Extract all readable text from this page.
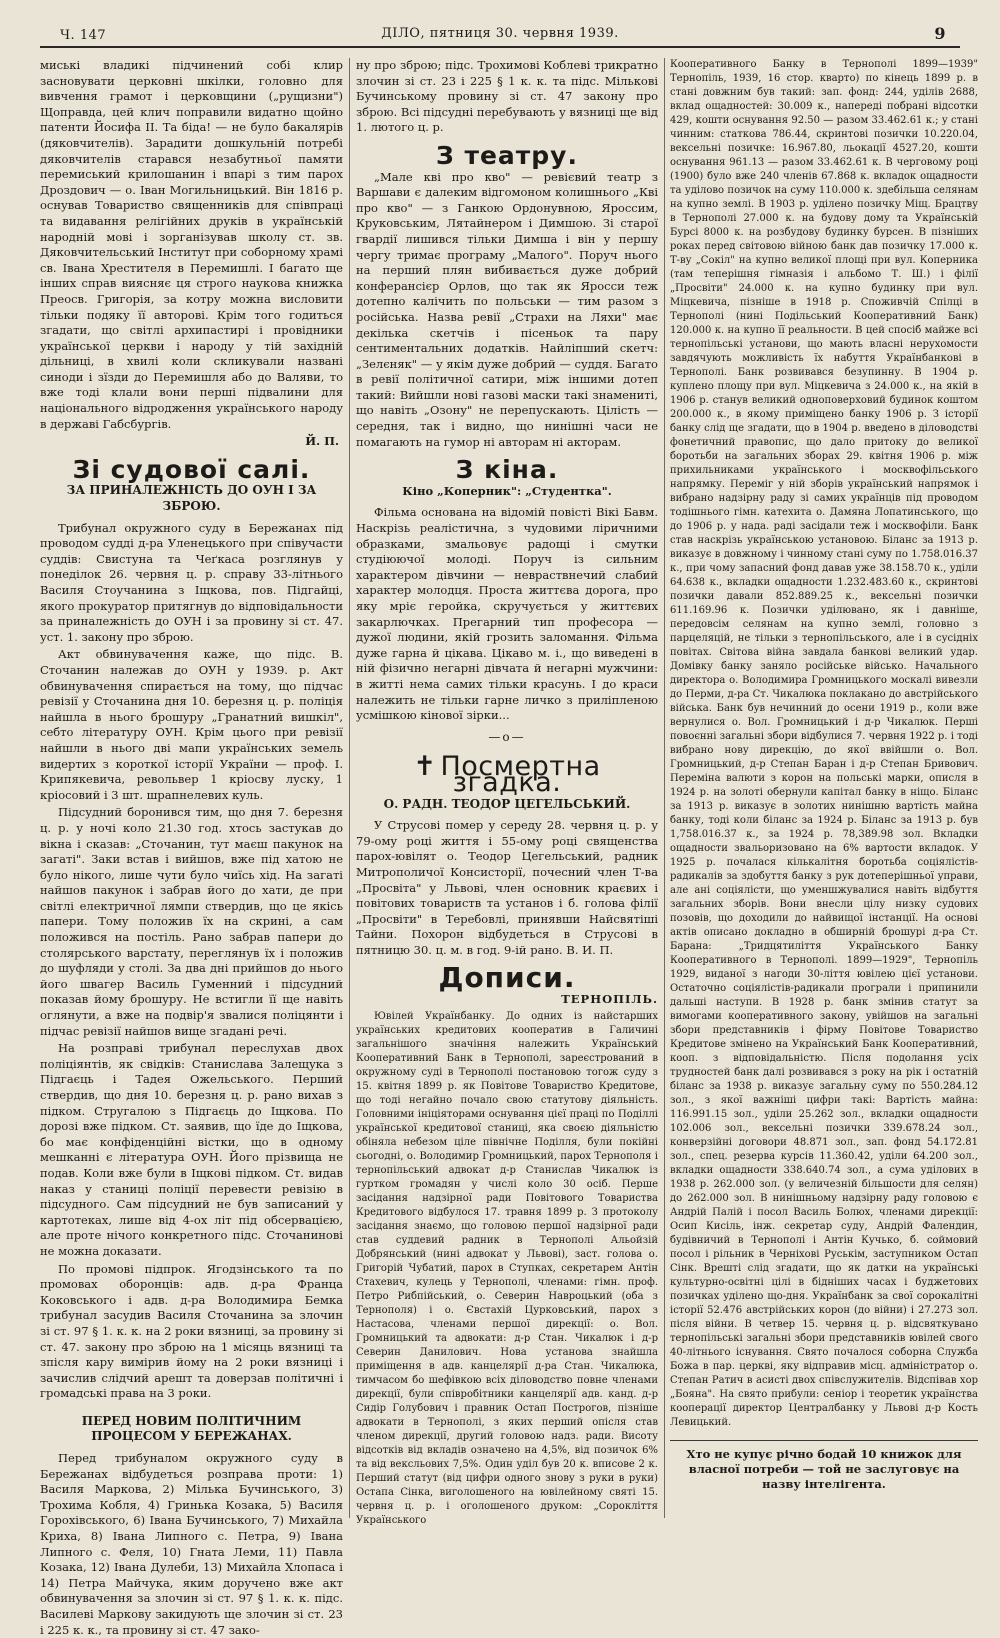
Ч. 147	ДІЛО, пятниця 30. червня 1939.	9

миські владикі підчинений собі клир засновувати церковні шкілки, головно для вивчення грамот і церковщини („рущизни") Щоправда, цей клич поправили видатно щойно патенти Йосифа II. Та біда! — не було бакалярів (дяковчителів). Зарадити дошкульній потребі дяковчителів старався незабутньої памяти перемиський крилошанин і впарі з тим парох Дроздович — о. Іван Могильницький. Він 1816 р. оснував Товариство священників для співпраці та видавання релігійних друків в українській народній мові і зорганізував школу ст. зв. Дяковчительський Інститут при соборному храмі св. Івана Хрестителя в Перемишлі. І багато ще інших справ виясняє ця строго наукова книжка Преосв. Григорія, за котру можна висловити тільки подяку її авторові. Крім того годиться згадати, що світлі архипастирі і провідники української церкви і народу у тій західній дільниці, в хвилі коли скликували названі синоди і зїзди до Перемишля або до Валяви, то вже тоді клали вони перші підвалини для національного відродження українського народу в державі Габсбургів.

Й. П.
Зі судової салі.
ЗА ПРИНАЛЕЖНІСТЬ ДО ОУН І ЗА ЗБРОЮ.

Трибунал окружного суду в Бережанах під проводом судді д-ра Уленецького при співучасти суддів: Свистуна та Чеґкаса розглянув у понеділок 26. червня ц. р. справу 33-літнього Василя Стоучанина з Іщкова, пов. Підгайці, якого прокуратор притягнув до відповідальности за приналежність до ОУН і за провину зі ст. 47. уст. 1. закону про зброю.

Акт обвинувачення каже, що підс. В. Сточанин належав до ОУН у 1939. р. Акт обвинувачення спирається на тому, що підчас ревізії у Сточанина дня 10. березня ц. р. поліція найшла в нього брошуру „Гранатний вишкіл", себто літературу ОУН. Крім цього при ревізії найшли в нього дві мапи українських земель видертих з короткої історії України — проф. І. Крипякевича, револьвер 1 кріосву луску, 1 кріосовий і 3 шт. шрапнелевих куль.

Підсудний боронився тим, що дня 7. березня ц. р. у ночі коло 21.30 год. хтось застукав до вікна і сказав: „Сточанин, тут маєш пакунок на загаті". Заки встав і вийшов, вже під хатою не було нікого, лише чути було чиїсь хід. На загаті найшов пакунок і забрав його до хати, де при світлі електричної лямпи ствердив, що це якісь папери. Тому положив їх на скрині, а сам положився на постіль. Рано забрав папери до столярського варстату, переглянув їх і положив до шуфляди у столі. За два дні прийшов до нього його швагер Василь Гуменний і підсудний показав йому брошуру. Не встигли її ще навіть оглянути, а вже на подвір'я звалися поліцянти і підчас ревізії найшов вище згадані речі.

На розправі трибунал переслухав двох поліціянтів, як свідків: Станислава Залещука з Підгаєць і Тадея Ожельського. Перший ствердив, що дня 10. березня ц. р. рано вихав з підком. Стругалою з Підгаєць до Іщкова. По дорозі вже підком. Ст. заявив, що їде до Іщкова, бо має конфіденційні вістки, що в одному мешканні є література ОУН. Його прізвища не подав. Коли вже були в Іщкові підком. Ст. видав наказ у станиці поліції перевести ревізію в підсудного. Сам підсудний не був записаний у картотеках, лише від 4-ох літ під обсервацією, але проте нічого конкретного підс. Сточанинові не можна доказати.

По промові підпрок. Ягодзінського та по промовах оборонців: адв. д-ра Франца Коковського і адв. д-ра Володимира Бемка трибунал засудив Василя Сточанина за злочин зі ст. 97 § 1. к. к. на 2 роки вязниці, за провину зі ст. 47. закону про зброю на 1 місяць вязниці та зпісля кару вимірив йому на 2 роки вязниці і зачислив слідчий арешт та доверзав політичні і громадські права на 3 роки.

ПЕРЕД НОВИМ ПОЛІТИЧНИМ ПРОЦЕСОМ У БЕРЕЖАНАХ.

Перед трибуналом окружного суду в Бережанах відбудеться розправа проти: 1) Василя Маркова, 2) Мілька Бучинського, 3) Трохима Кобля, 4) Гринька Козака, 5) Василя Горохівського, 6) Івана Бучинського, 7) Михайла Криха, 8) Івана Липного с. Петра, 9) Івана Липного с. Феля, 10) Гната Леми, 11) Павла Козака, 12) Івана Дулеби, 13) Михайла Хлопаса і 14) Петра Майчука, яким доручено вже акт обвинувачення за злочин зі ст. 97 § 1. к. к. підс. Василеві Маркову закидують ще злочин зі ст. 23 і 225 к. к., та провину зі ст. 47 зако-

ну про зброю; підс. Трохимові Коблеві трикратно злочин зі ст. 23 і 225 § 1 к. к. та підс. Мількові Бучинському провину зі ст. 47 закону про зброю. Всі підсудні перебувають у вязниці ще від 1. лютого ц. р.

З театру.

„Мале кві про кво" — ревієвий театр з Варшави є далеким відгомоном колишнього „Кві про кво" — з Ганкою Ордонувною, Яроссим, Круковським, Лятайнером і Димшою. Зі старої гвардії лишився тільки Димша і він у першу чергу тримає програму „Малого". Поруч нього на перший плян вибивається дуже добрий конферансієр Орлов, що так як Яросси теж дотепно калічить по польськи — тим разом з російська. Назва ревії „Страхи на Ляхи" має декілька скетчів і пісеньок та пару сентиментальних додатків. Найліпший скетч: „Зелєняк" — у якім дуже добрий — суддя. Багато в ревії політичної сатири, між іншими дотеп такий: Вийшли нові газові маски такі знамениті, що навіть „Озону" не перепускають. Цілість — середня, так і видно, що нинішні часи не помагають на гумор ні авторам ні акторам.

З кіна.
Кіно „Коперник": „Студентка".

Фільма основана на відомій повісті Вікі Бавм. Наскрізь реалістична, з чудовими ліричними образками, змальовує радощі і смутки студіюючої молоді. Поруч із сильним характером дівчини — невраствнечий слабий характер молодця. Проста життєва дорога, про яку мріє геройка, скручується у життєвих закарлючках. Прегарний тип професора — дужої людини, якій грозить заломання. Фільма дуже гарна й цікава. Цікаво м. і., що виведені в ній фізично негарні дівчата й негарні мужчини: в житті нема самих тільки красунь. І до краси належить не тільки гарне личко з приліпленою усмішкою кінової зірки...

—o—
✝ Посмертна згадка.
О. РАДН. ТЕОДОР ЦЕГЕЛЬСЬКИЙ.

У Струсові помер у середу 28. червня ц. р. у 79-ому році життя і 55-ому році священства парох-ювілят о. Теодор Цегельський, радник Митрополичої Консисторії, почесний член Т-ва „Просвіта" у Львові, член основник краєвих і повітових товариств та установ і б. голова філії „Просвіти" в Теребовлі, принявши Найсвятіші Тайни. Похорон відбудеться в Струсові в пятницю 30. ц. м. в год. 9-ій рано. В. И. П.

Дописи.
ТЕРНОПІЛЬ.

Ювілей Українбанку. До одних із найстарших українських кредитових кооператив в Галичині загальнішого значіння належить Український Кооперативний Банк в Тернополі, зареєстрований в окружному суді в Тернополі постановою тогож суду з 15. квітня 1899 р. як Повітове Товариство Кредитове, що тоді негайно почало свою статутову діяльність. Головними ініціяторами оснування цієї праці по Поділлі української кредитової станиці, яка своєю діяльністю обіняла небезом ціле північне Поділля, були покійні сьогодні, о. Володимир Громницький, парох Тернополя і тернопільський адвокат д-р Станислав Чикалюк із гуртком громадян у числі коло 30 осіб. Перше засідання надзірної ради Повітового Товариства Кредитового відбулося 17. травня 1899 р. З протоколу засідання знаємо, що головою першої надзірної ради став суддевий радник в Тернополі Альойзій Добрянський (нині адвокат у Львові), заст. голова о. Григорій Чубатий, парох в Ступках, секретарем Антін Стахевич, кулець у Тернополі, членами: гімн. проф. Петро Рибпійський, о. Северин Навроцький (оба з Тернополя) і о. Євстахій Цурковський, парох з Настасова, членами першої дирекції: о. Вол. Громницький та адвокати: д-р Стан. Чикалюк і д-р Северин Данилович. Нова установа знайшла приміщення в адв. канцелярії д-ра Стан. Чикалюка, тимчасом бо шефівкою всіх діловодство повне членами дирекції, були співробітники канцелярії адв. канд. д-р Сидір Голубович і правник Остап Построгов, пізніше адвокати в Тернополі, з яких перший опісля став членом дирекції, другий головою надз. ради. Висоту відсотків від вкладів означено на 4,5%, від позичок 6% та від вексльових 7,5%. Один уділ був 20 к. вписове 2 к. Перший статут (від цифри одного знову з руки в руки) Остапа Сінка, виголошеного на ювілейному святі 15. червня ц. р. і оголошеного друком: „Сорокліття Українського

Кооперативного Банку в Тернополі 1899—1939" Тернопіль, 1939, 16 стор. кварто) по кінець 1899 р. в стані довжним був такий: зап. фонд: 244, уділів 2688, вклад ощадностей: 30.009 к., напереді побрані відсотки 429, кошти оснування 92.50 — разом 33.462.61 к.; у стані чинним: статкова 786.44, скринтові позички 10.220.04, вексельні позичке: 16.967.80, льокації 4527.20, кошти оснування 961.13 — разом 33.462.61 к. В черговому році (1900) було вже 240 членів 67.868 к. вкладок ощадности та уділово позичок на суму 110.000 к. здебільша селянам на купно землі. В 1903 р. уділено позичку Міщ. Брацтву в Тернополі 27.000 к. на будову дому та Українській Бурсі 8000 к. на розбудову будинку бурсен. В пізніших роках перед світовою війною банк дав позичку 17.000 к. Т-ву „Сокіл" на купно великої площі при вул. Коперника (там теперішня гімназія і альбомо Т. Ш.) і філії „Просвіти" 24.000 к. на купно будинку при вул. Міцкевича, пізніше в 1918 р. Споживчій Спілці в Тернополі (нині Подільський Кооперативний Банк) 120.000 к. на купно її реальности. В цей спосіб майже всі тернопільські установи, що мають власні нерухомости завдячують можливість їх набуття Українбанкові в Тернополі. Банк розвивався безупинну. В 1904 р. куплено площу при вул. Міцкевича з 24.000 к., на якій в 1906 р. станув великий одноповерховий будинок коштом 200.000 к., в якому приміщено банку 1906 р. З історії банку слід ще згадати, що в 1904 р. введено в діловодстві фонетичний правопис, що дало притоку до великої боротьби на загальних зборах 29. квітня 1906 р. між прихильниками українського і москвофільського напрямку. Переміг у ній зборів український напрямок і вибрано надзірну раду зі самих українців під проводом тодішнього гімн. катехита о. Дамяна Лопатинського, що до 1906 р. у нада. раді засідали теж і москвофіли. Банк став наскрізь українською установою. Біланс за 1913 р. виказує в довжному і чинному стані суму по 1.758.016.37 к., при чому запасний фонд давав уже 38.158.70 к., уділи 64.638 к., вкладки ощадности 1.232.483.60 к., скринтові позички давали 852.889.25 к., вексельні позички 611.169.96 к. Позички уділювано, як і давніше, передовсім селянам на купно землі, головно з парцеляцій, не тільки з тернопільського, але і в сусідніх повітах. Світова війна завдала банкові великий удар. Домівку банку заняло російське військо. Начального директора о. Володимира Громницького москалі вивезли до Перми, д-ра Ст. Чикалюка поклакано до австрійського війська. Банк був нечинний до осени 1919 р., коли вже вернулися о. Вол. Громницький і д-р Чикалюк. Перші повоєнні загальні збори відбулися 7. червня 1922 р. і тоді вибрано нову дирекцію, до якої ввійшли о. Вол. Громницький, д-р Степан Баран і д-р Степан Бривович. Переміна валюти з корон на польські марки, описля в 1924 р. на золоті обернули капітал банку в ніщо. Біланс за 1913 р. виказує в золотих нинішню вартість майна банку, тоді коли біланс за 1924 р. Біланс за 1913 р. був 1,758.016.37 к., за 1924 р. 78,389.98 зол. Вкладки ощадности звальоризовано на 6% вартости вкладок. У 1925 р. почалася кількалітня боротьба соціялістів-радикалів за здобуття банку з рук дотеперішньої управи, але ані соціялісти, що уменшжувалися навіть відбуття загальних зборів. Вони внесли цілу низку судових позовів, що доходили до найвищої інстанції. На основі актів описано докладно в обширній брошурі д-ра Ст. Барана: „Тридцятиліття Українського Банку Кооперативного в Тернополі. 1899—1929", Тернопіль 1929, виданої з нагоди 30-ліття ювілею цієї установи. Остаточно соціялістів-радикали програли і припинили дальші наступи. В 1928 р. банк змінив статут за вимогами кооперативного закону, увійшов на загальні збори представників і фірму Повітове Товариство Кредитове змінено на Український Банк Кооперативний, кооп. з відповідальністю. Після подолання усіх трудностей банк далі розвивався з року на рік і остатній біланс за 1938 р. виказує загальну суму по 550.284.12 зол., з якої важніші цифри такі: Вартість майна: 116.991.15 зол., уділи 25.262 зол., вкладки ощадности 102.006 зол., вексельні позички 339.678.24 зол., конверзійні договори 48.871 зол., зап. фонд 54.172.81 зол., спец. резерва курсів 11.360.42, уділи 64.200 зол., вкладки ощадности 338.640.74 зол., а сума уділових в 1938 р. 262.000 зол. (у величезній більшости для селян) до 262.000 зол. В нинішньому надзірну раду головою є Андрій Палій і посол Василь Болюх, членами дирекції: Осип Кисіль, інж. секретар суду, Андрій Фалендин, будівничий в Тернополі і Антін Кучько, б. соймовий посол і рільник в Черніхові Руськім, заступником Остап Сінк. Врешті слід згадати, що як датки на українські культурно-освітні цілі в бідніших часах і буджетових позичках уділено що-дня. Українбанк за свої сорокалітні історії 52.476 австрійських корон (до війни) і 27.273 зол. після війни. В четвер 15. червня ц. р. відсвяткувано тернопільські загальні збори представників ювілей свого 40-літнього існування. Свято почалося соборна Служба Божа в пар. церкві, яку відправив місц. адміністратор о. Степан Ратич в асисті двох співслужителів. Відспівав хор „Бояна". На свято прибули: сеніор і теоретик українства кооперації директор Централбанку у Львові д-р Кость Левицький.

Хто не купує річно бодай 10 книжок для власної потреби — той не заслуговує на назву інтелігента.
